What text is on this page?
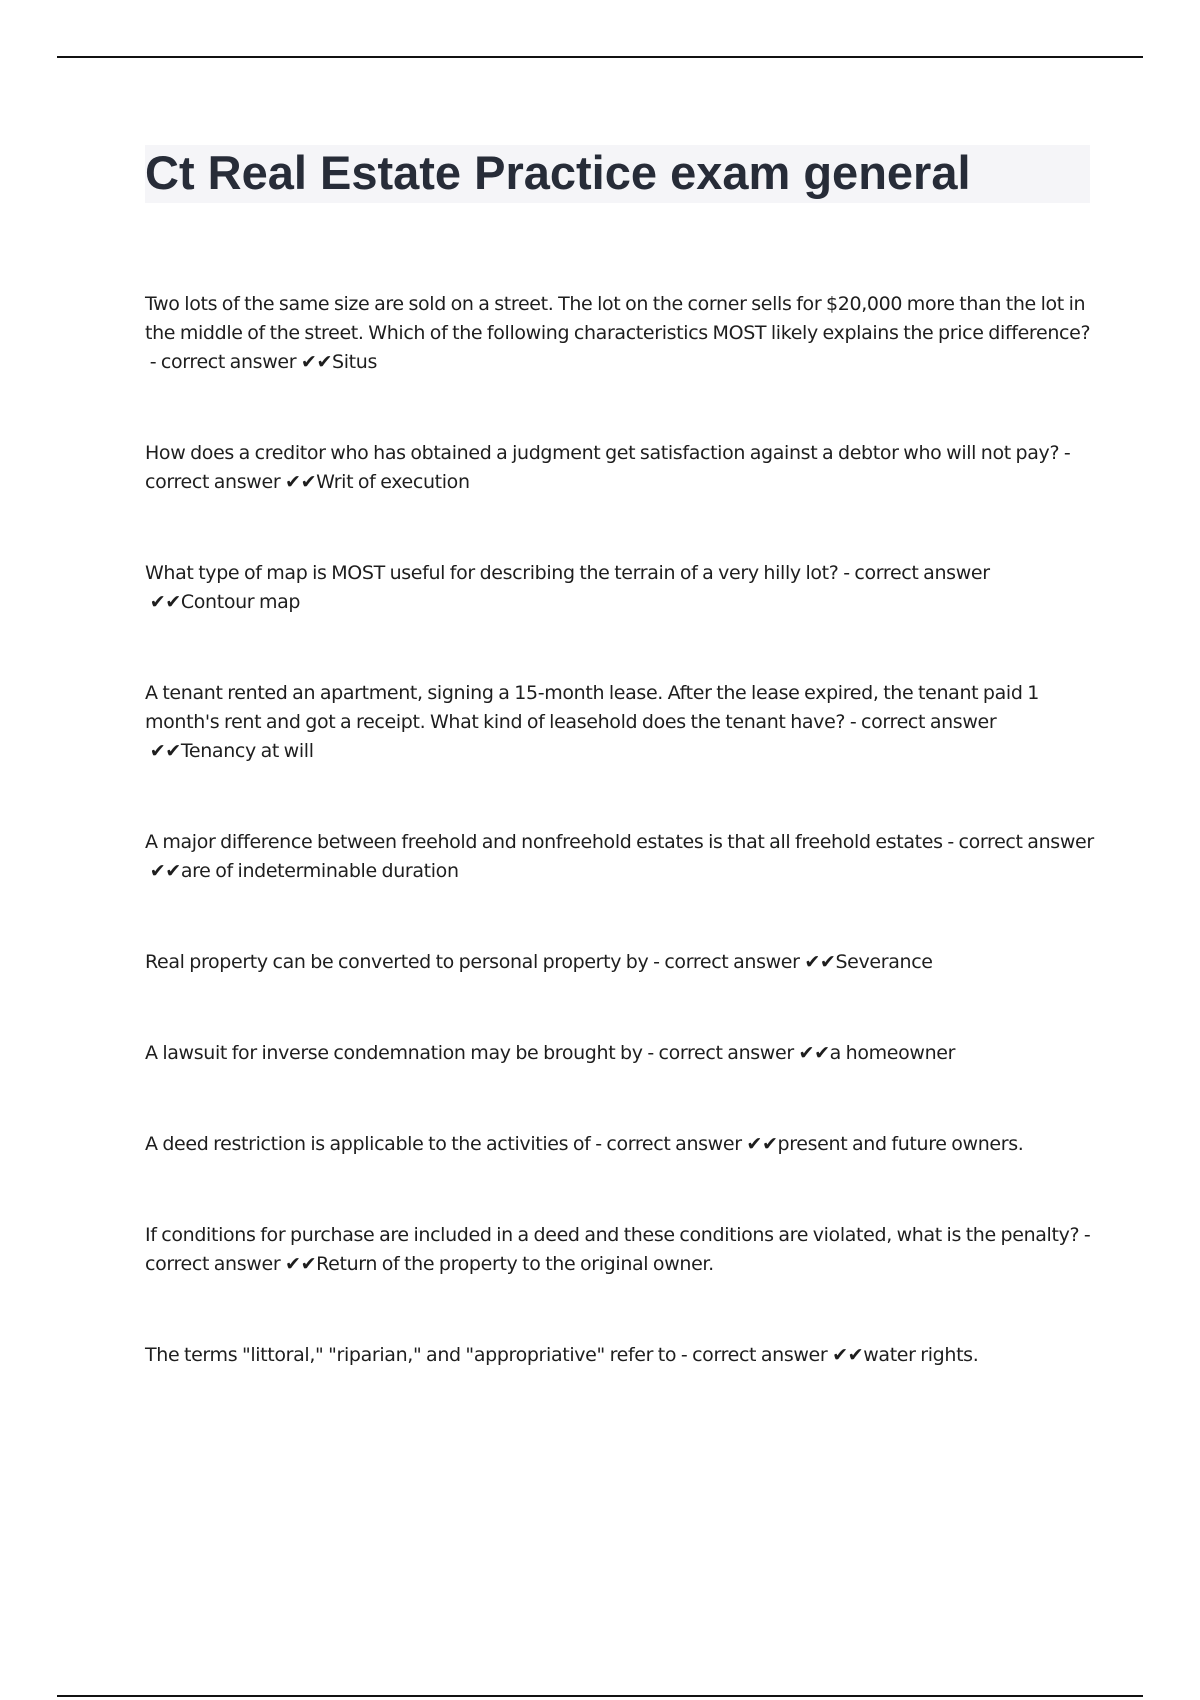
Ct Real Estate Practice exam general

Two lots of the same size are sold on a street. The lot on the corner sells for $20,000 more than the lot in the middle of the street. Which of the following characteristics MOST likely explains the price difference? - correct answer ✔✔Situs

How does a creditor who has obtained a judgment get satisfaction against a debtor who will not pay? - correct answer ✔✔Writ of execution

What type of map is MOST useful for describing the terrain of a very hilly lot? - correct answer ✔✔Contour map

A tenant rented an apartment, signing a 15-month lease. After the lease expired, the tenant paid 1 month's rent and got a receipt. What kind of leasehold does the tenant have? - correct answer ✔✔Tenancy at will

A major difference between freehold and nonfreehold estates is that all freehold estates - correct answer ✔✔are of indeterminable duration

Real property can be converted to personal property by - correct answer ✔✔Severance

A lawsuit for inverse condemnation may be brought by - correct answer ✔✔a homeowner

A deed restriction is applicable to the activities of - correct answer ✔✔present and future owners.

If conditions for purchase are included in a deed and these conditions are violated, what is the penalty? - correct answer ✔✔Return of the property to the original owner.

The terms "littoral," "riparian," and "appropriative" refer to - correct answer ✔✔water rights.
